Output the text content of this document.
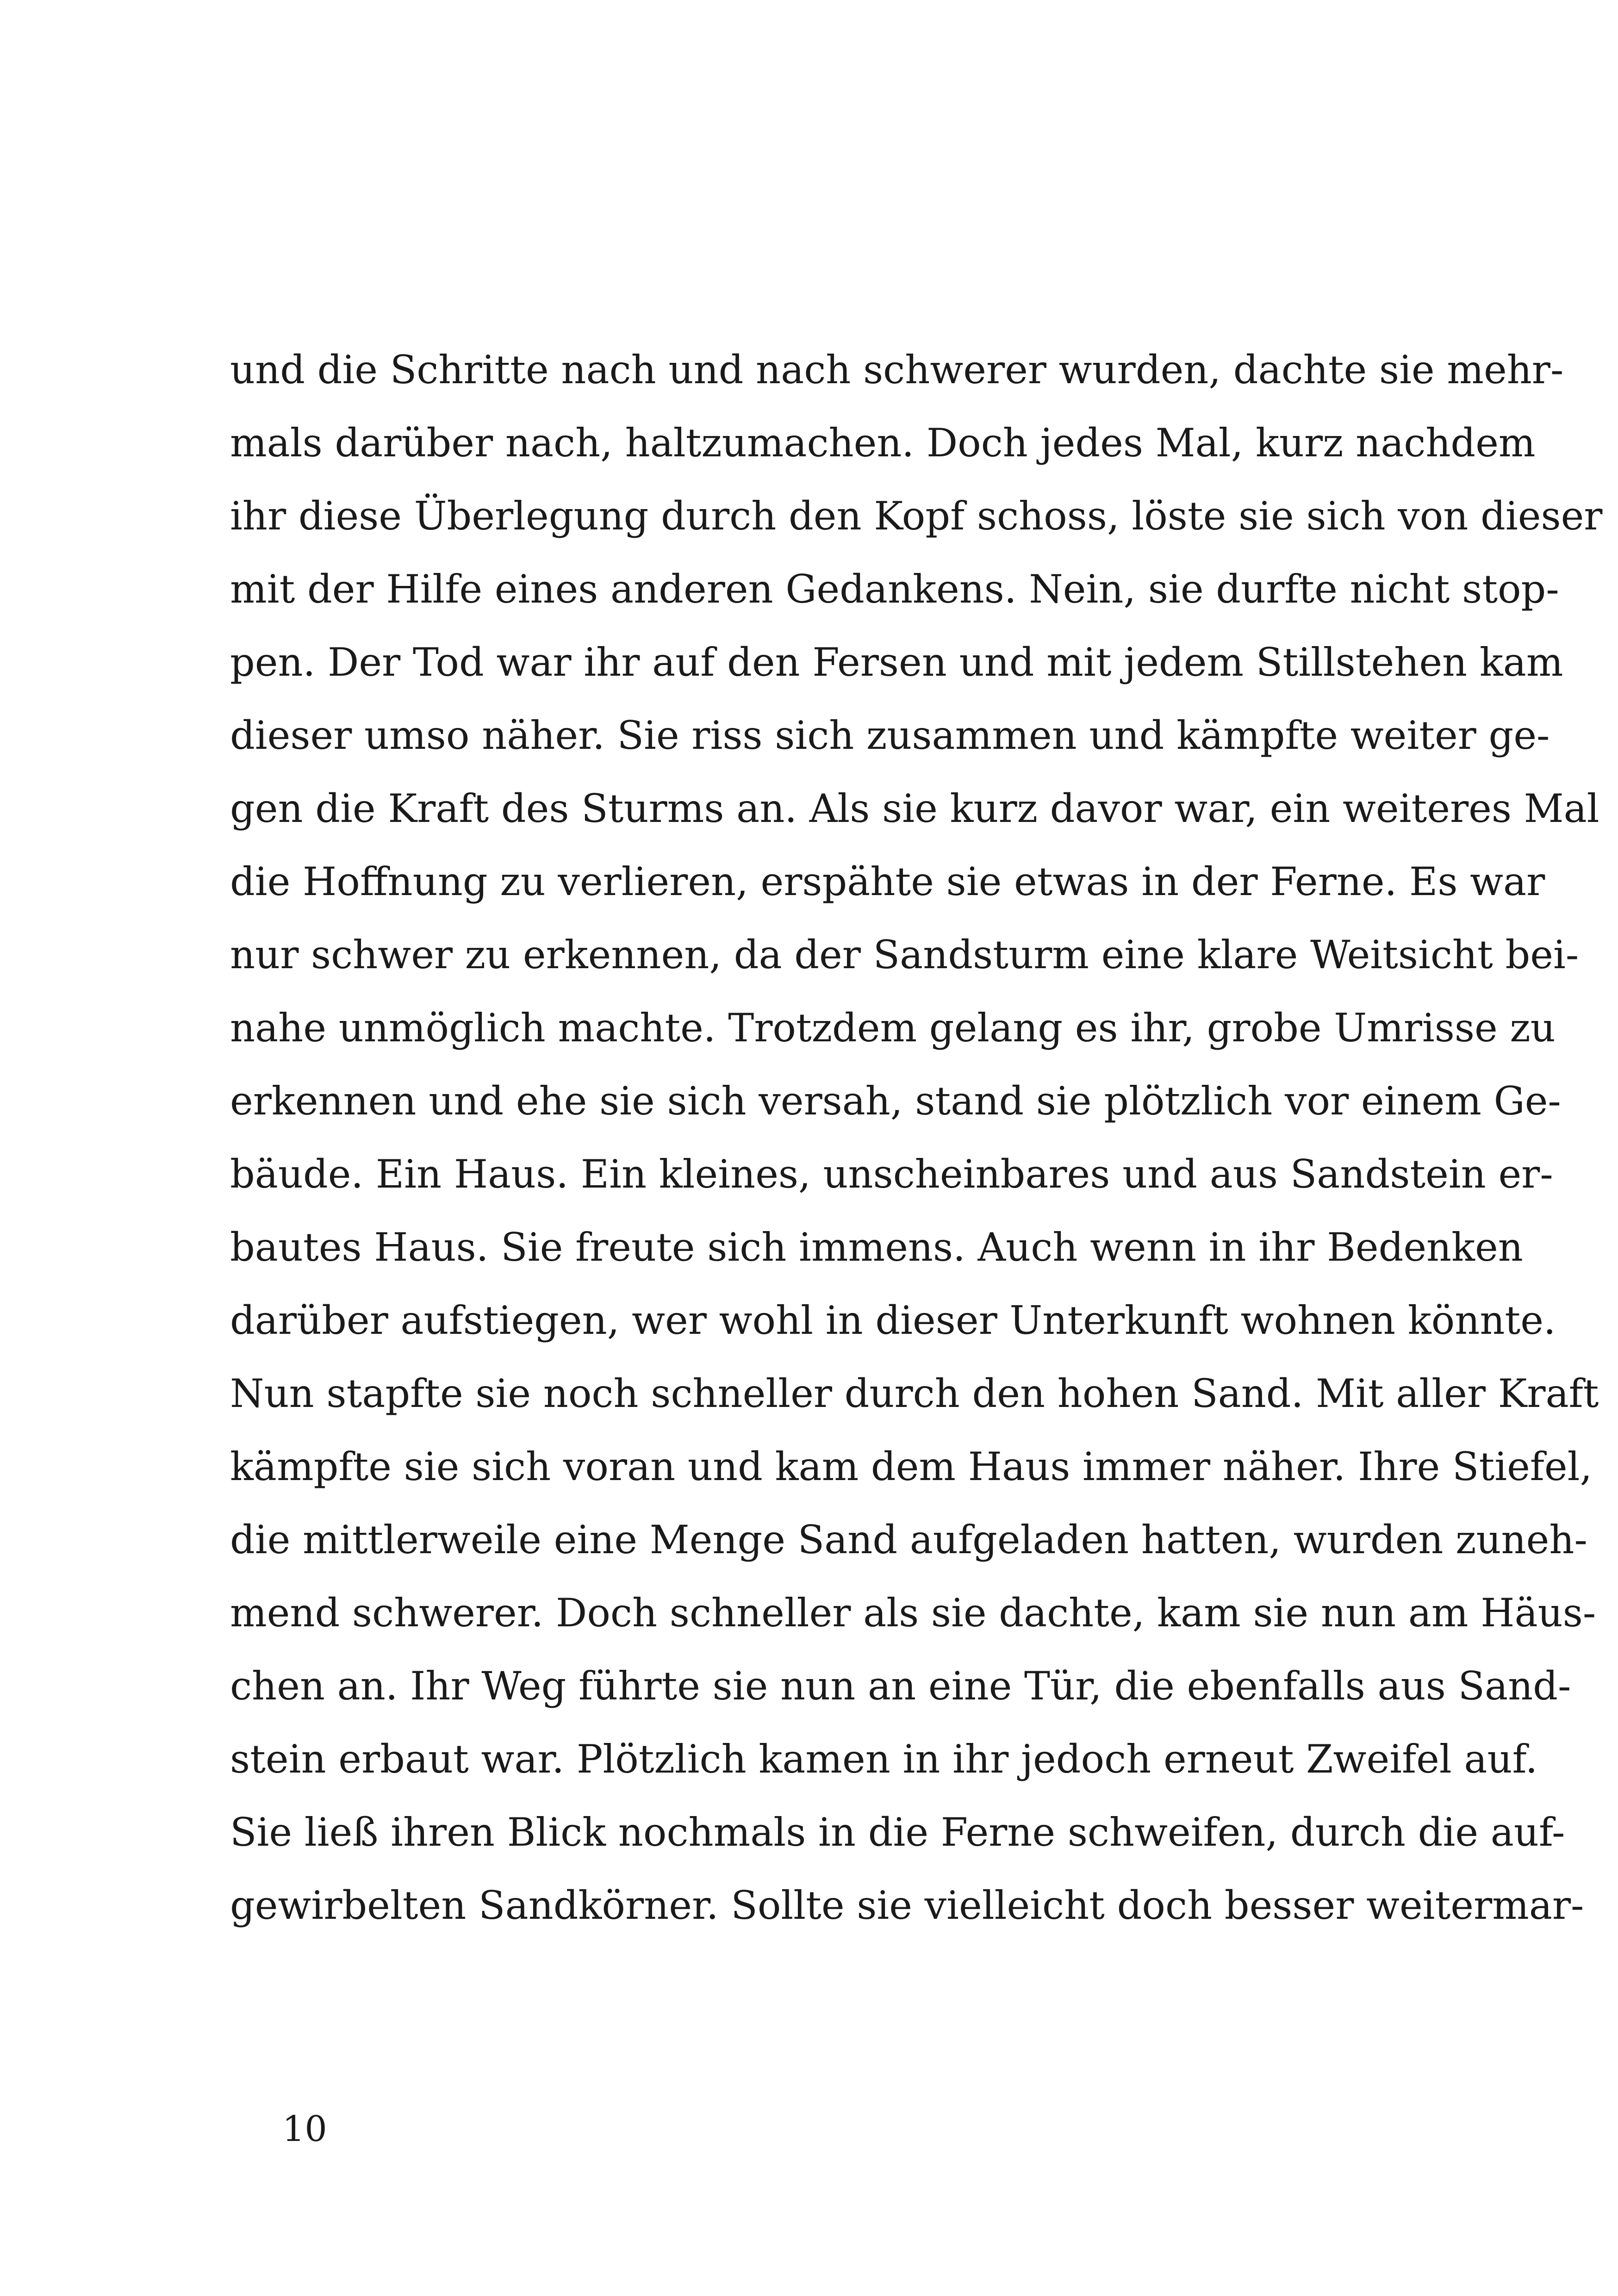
und die Schritte nach und nach schwerer wurden, dachte sie mehr-
mals darüber nach, haltzumachen. Doch jedes Mal, kurz nachdem
ihr diese Überlegung durch den Kopf schoss, löste sie sich von dieser
mit der Hilfe eines anderen Gedankens. Nein, sie durfte nicht stop-
pen. Der Tod war ihr auf den Fersen und mit jedem Stillstehen kam
dieser umso näher. Sie riss sich zusammen und kämpfte weiter ge-
gen die Kraft des Sturms an. Als sie kurz davor war, ein weiteres Mal
die Hoffnung zu verlieren, erspähte sie etwas in der Ferne. Es war
nur schwer zu erkennen, da der Sandsturm eine klare Weitsicht bei-
nahe unmöglich machte. Trotzdem gelang es ihr, grobe Umrisse zu
erkennen und ehe sie sich versah, stand sie plötzlich vor einem Ge-
bäude. Ein Haus. Ein kleines, unscheinbares und aus Sandstein er-
bautes Haus. Sie freute sich immens. Auch wenn in ihr Bedenken
darüber aufstiegen, wer wohl in dieser Unterkunft wohnen könnte.
Nun stapfte sie noch schneller durch den hohen Sand. Mit aller Kraft
kämpfte sie sich voran und kam dem Haus immer näher. Ihre Stiefel,
die mittlerweile eine Menge Sand aufgeladen hatten, wurden zuneh-
mend schwerer. Doch schneller als sie dachte, kam sie nun am Häus-
chen an. Ihr Weg führte sie nun an eine Tür, die ebenfalls aus Sand-
stein erbaut war. Plötzlich kamen in ihr jedoch erneut Zweifel auf.
Sie ließ ihren Blick nochmals in die Ferne schweifen, durch die auf-
gewirbelten Sandkörner. Sollte sie vielleicht doch besser weitermar-
10
